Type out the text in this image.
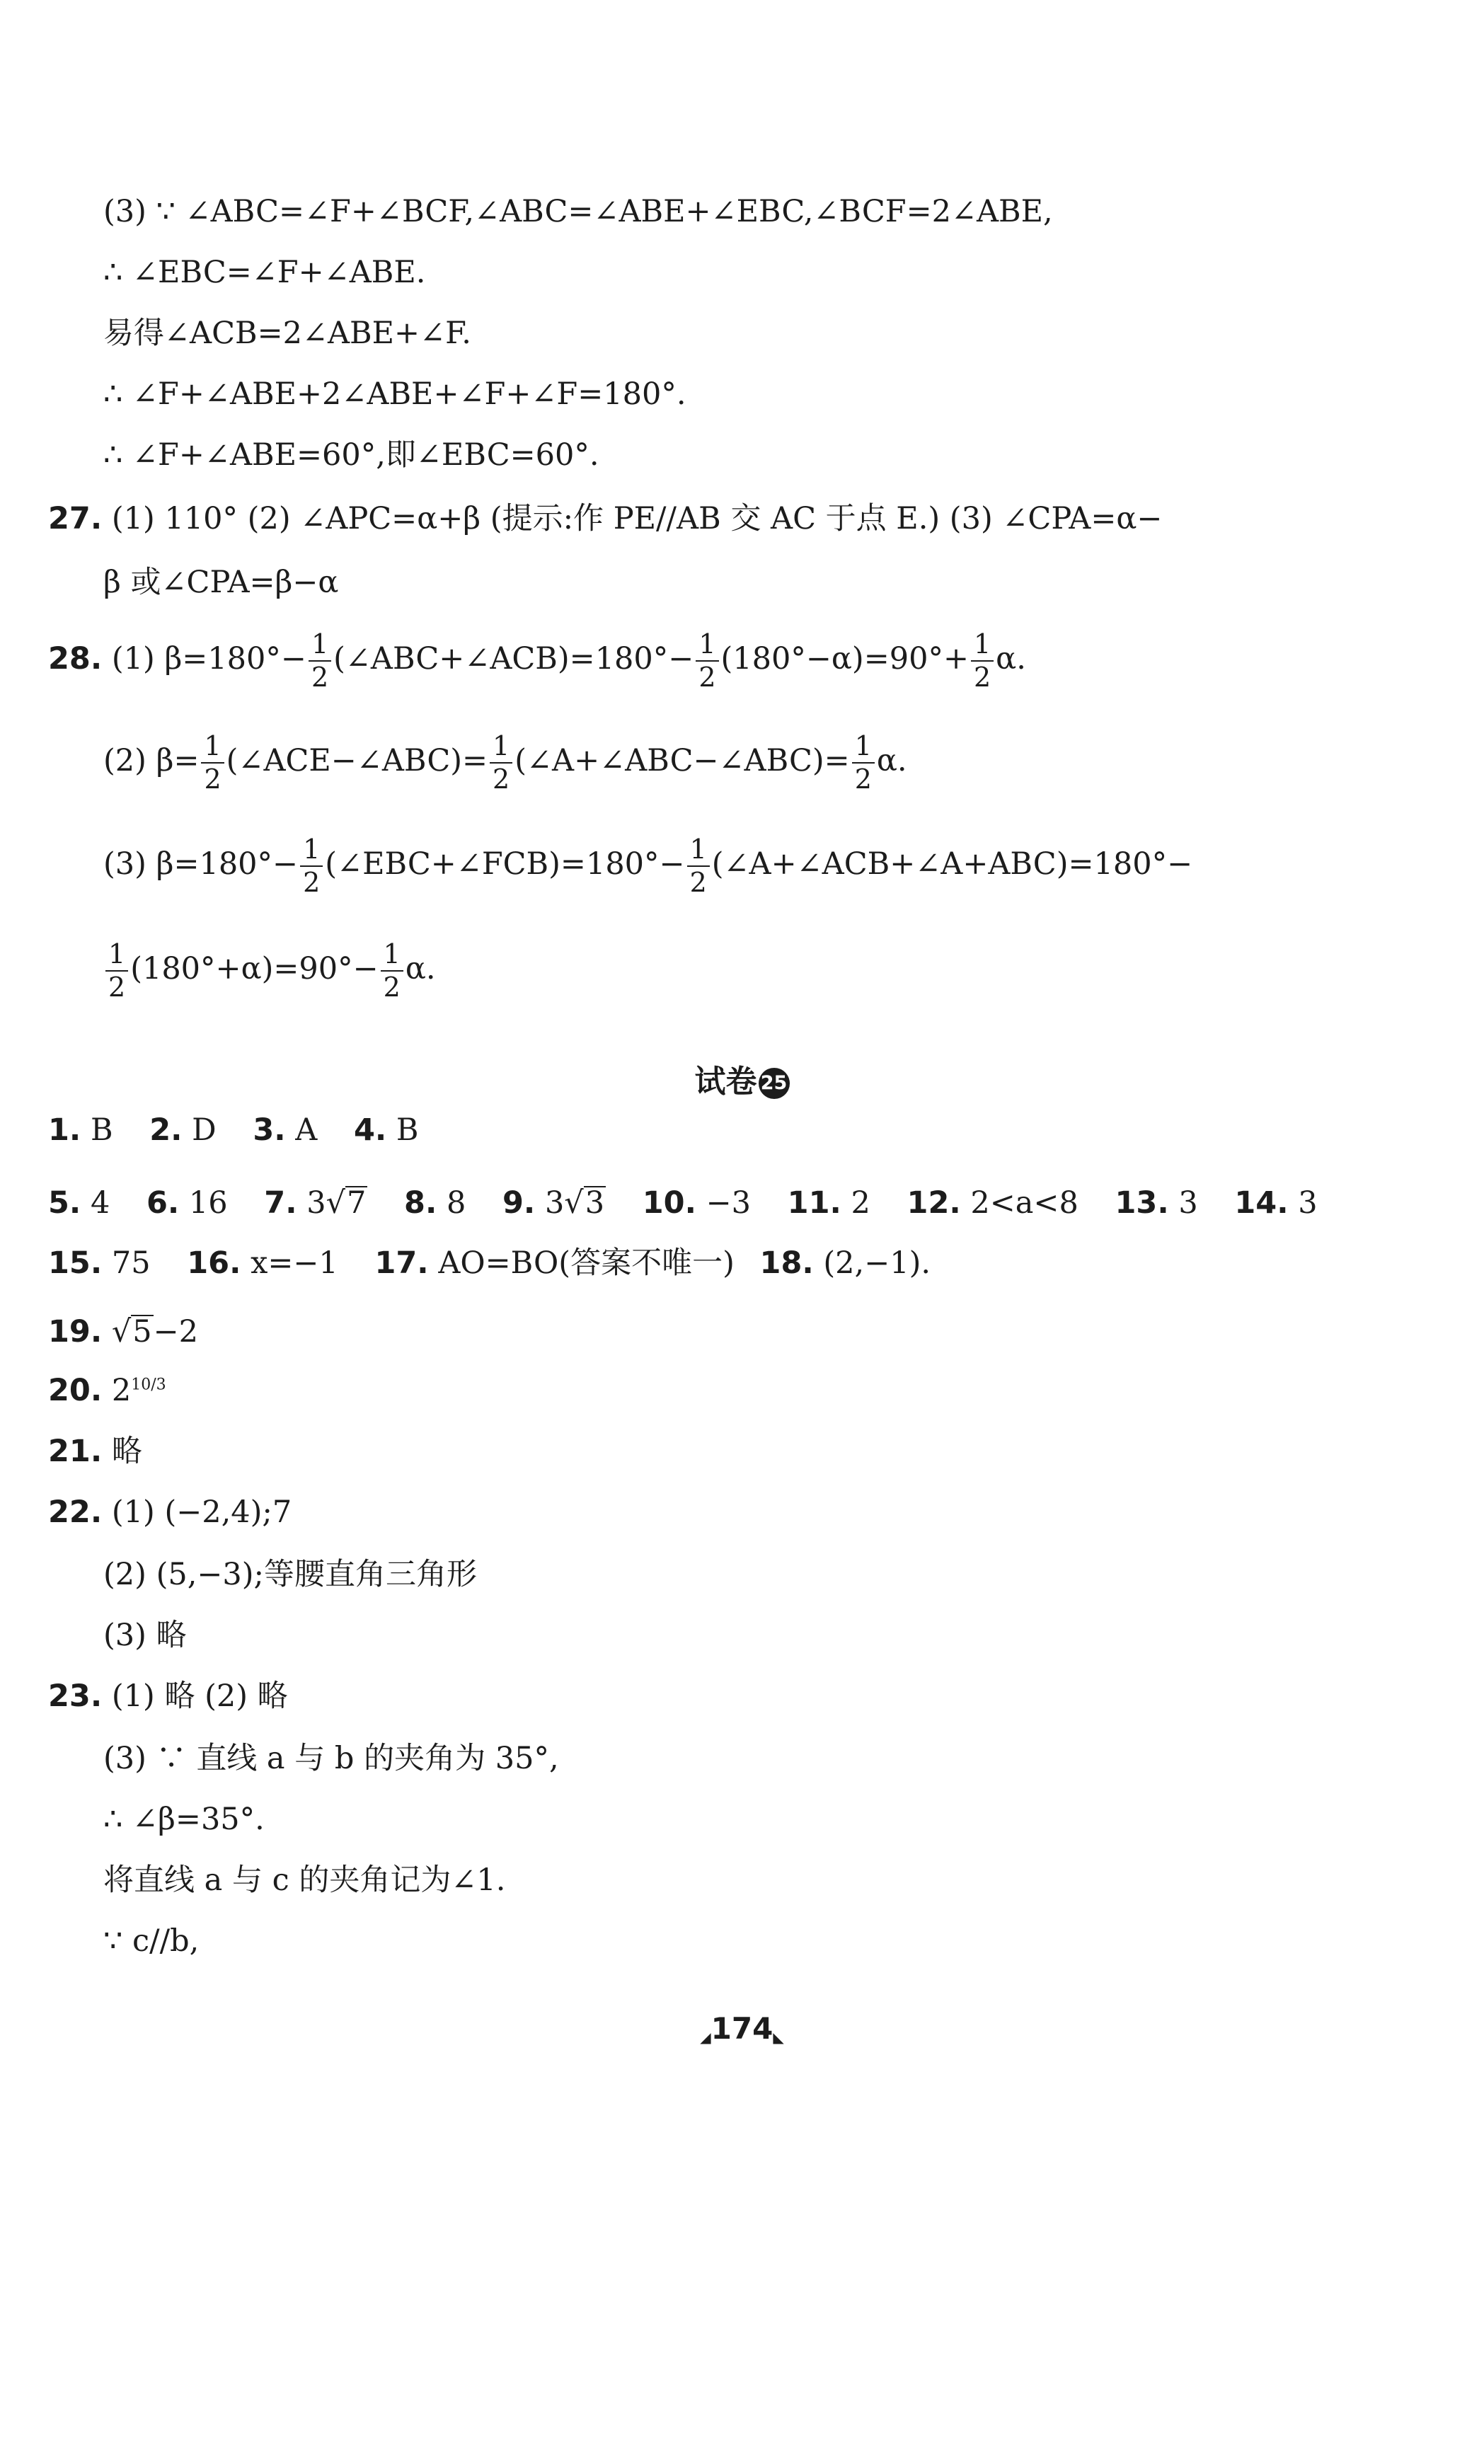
(3) ∵ ∠ABC=∠F+∠BCF,∠ABC=∠ABE+∠EBC,∠BCF=2∠ABE,
∴ ∠EBC=∠F+∠ABE.
易得∠ACB=2∠ABE+∠F.
∴ ∠F+∠ABE+2∠ABE+∠F+∠F=180°.
∴ ∠F+∠ABE=60°,即∠EBC=60°.
27. (1) 110° (2) ∠APC=α+β (提示:作 PE//AB 交 AC 于点 E.) (3) ∠CPA=α−
β 或∠CPA=β−α
28. (1) $\beta=180^\circ- \frac{1}{2}$ (∠ABC+∠ACB)=180°− $\frac{1}{2} (180^\circ-\alpha)=90^\circ+ \frac{1}{2} \alpha$.
(2) $\beta= \frac{1}{2}$ (∠ACE−∠ABC)= $\frac{1}{2}$ (∠A+∠ABC−∠ABC)= $\frac{1}{2} \alpha$.
(3) $\beta=180^\circ- \frac{1}{2}$ (∠EBC+∠FCB)=180°− $\frac{1}{2}$ (∠A+∠ACB+∠A+ABC)=180°−
$\frac{1}{2} (180^\circ+\alpha)=90^\circ- \frac{1}{2} \alpha$.
试卷 25
1. B 2. D 3. A 4. B
5. 4 6. 16 7. 3√7 8. 8 9. 3√3 10. −3 11. 2 12. 2<a<8 13. 3 14. 3
15. 75 16. x=−1 17. AO=BO(答案不唯一) 18. (2,−1).
19. √5−2
20. $2^{10/3}$
21. 略
22. (1) (−2,4);7
(2) (5,−3);等腰直角三角形
(3) 略
23. (1) 略 (2) 略
(3) ∵ 直线 a 与 b 的夹角为 35°,
∴ ∠β=35°.
将直线 a 与 c 的夹角记为∠1.
∵ c//b,
◢174◣
